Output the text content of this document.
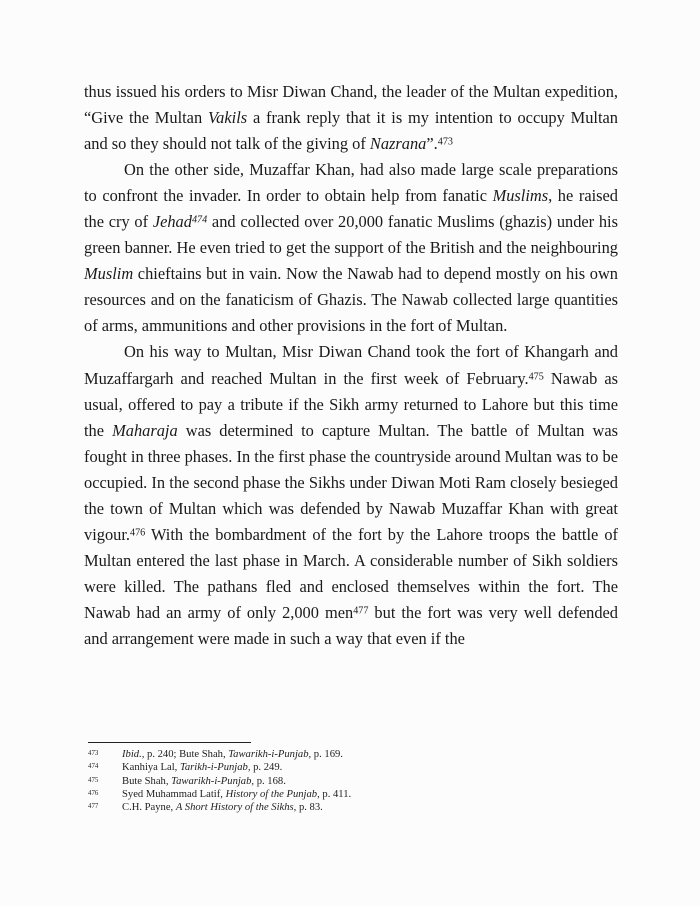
thus issued his orders to Misr Diwan Chand, the leader of the Multan expedition, “Give the Multan Vakils a frank reply that it is my intention to occupy Multan and so they should not talk of the giving of Nazrana”.$^{473}$

On the other side, Muzaffar Khan, had also made large scale preparations to confront the invader. In order to obtain help from fanatic Muslims, he raised the cry of Jehad$^{474}$ and collected over 20,000 fanatic Muslims (ghazis) under his green banner. He even tried to get the support of the British and the neighbouring Muslim chieftains but in vain. Now the Nawab had to depend mostly on his own resources and on the fanaticism of Ghazis. The Nawab collected large quantities of arms, ammunitions and other provisions in the fort of Multan.

On his way to Multan, Misr Diwan Chand took the fort of Khangarh and Muzaffargarh and reached Multan in the first week of February.$^{475}$ Nawab as usual, offered to pay a tribute if the Sikh army returned to Lahore but this time the Maharaja was determined to capture Multan. The battle of Multan was fought in three phases. In the first phase the countryside around Multan was to be occupied. In the second phase the Sikhs under Diwan Moti Ram closely besieged the town of Multan which was defended by Nawab Muzaffar Khan with great vigour.$^{476}$ With the bombardment of the fort by the Lahore troops the battle of Multan entered the last phase in March. A considerable number of Sikh soldiers were killed. The pathans fled and enclosed themselves within the fort. The Nawab had an army of only 2,000 men$^{477}$ but the fort was very well defended and arrangement were made in such a way that even if the

473 Ibid., p. 240; Bute Shah, Tawarikh-i-Punjab, p. 169.
474 Kanhiya Lal, Tarikh-i-Punjab, p. 249.
475 Bute Shah, Tawarikh-i-Punjab, p. 168.
476 Syed Muhammad Latif, History of the Punjab, p. 411.
477 C.H. Payne, A Short History of the Sikhs, p. 83.
